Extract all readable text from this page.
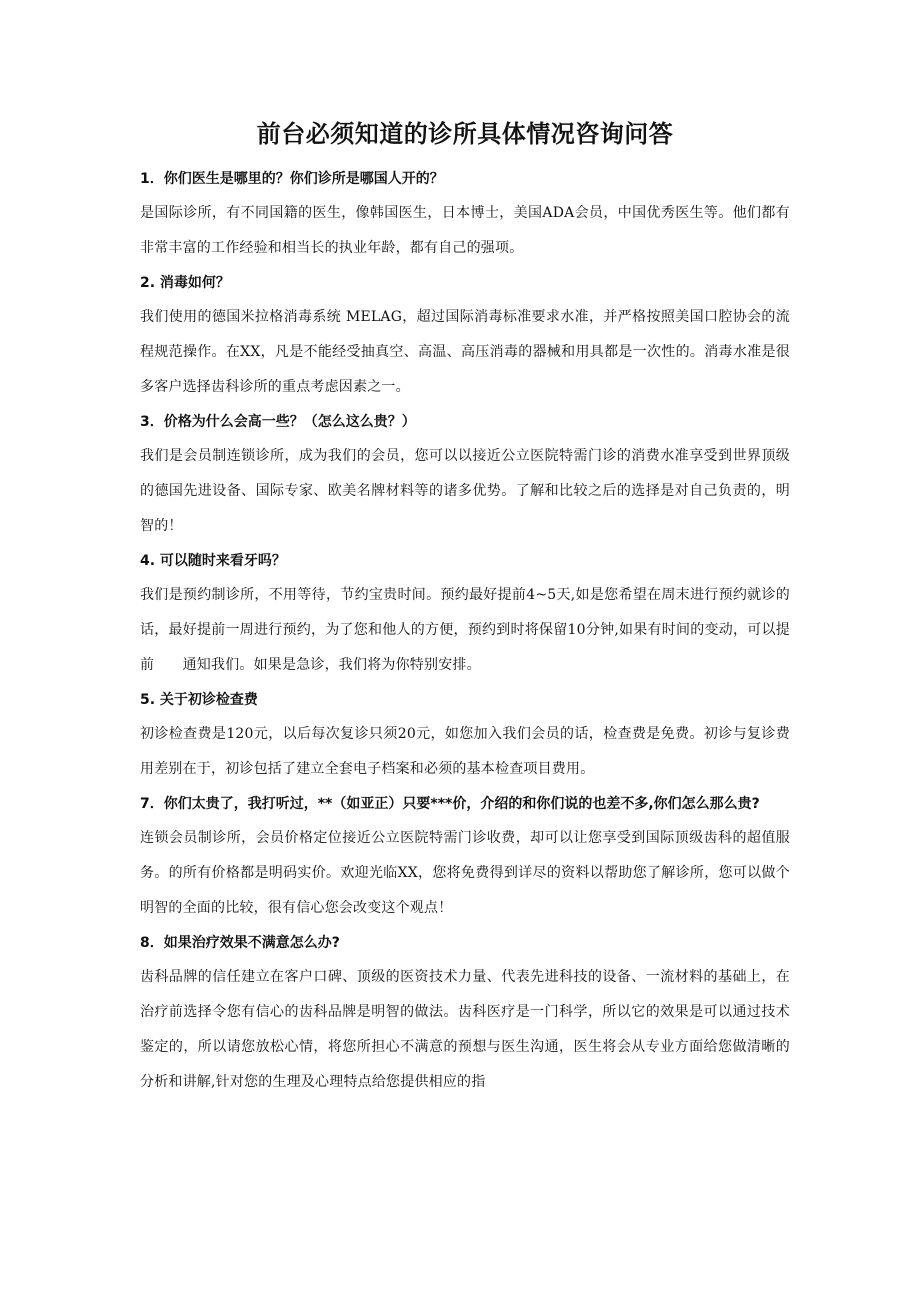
前台必须知道的诊所具体情况咨询问答

1．你们医生是哪里的？你们诊所是哪国人开的？

是国际诊所，有不同国籍的医生，像韩国医生，日本博士，美国ADA会员，中国优秀医生等。他们都有非常丰富的工作经验和相当长的执业年龄，都有自己的强项。

2. 消毒如何？

我们使用的德国米拉格消毒系统 MELAG，超过国际消毒标准要求水准，并严格按照美国口腔协会的流程规范操作。在XX，凡是不能经受抽真空、高温、高压消毒的器械和用具都是一次性的。消毒水准是很多客户选择齿科诊所的重点考虑因素之一。

3．价格为什么会高一些？（怎么这么贵？）

我们是会员制连锁诊所，成为我们的会员，您可以以接近公立医院特需门诊的消费水准享受到世界顶级的德国先进设备、国际专家、欧美名牌材料等的诸多优势。了解和比较之后的选择是对自己负责的，明智的！

4. 可以随时来看牙吗？

我们是预约制诊所，不用等待，节约宝贵时间。预约最好提前4~5天,如是您希望在周末进行预约就诊的话，最好提前一周进行预约，为了您和他人的方便，预约到时将保留10分钟,如果有时间的变动，可以提前　　通知我们。如果是急诊，我们将为你特别安排。

5. 关于初诊检查费

初诊检查费是120元，以后每次复诊只须20元，如您加入我们会员的话，检查费是免费。初诊与复诊费用差别在于，初诊包括了建立全套电子档案和必须的基本检查项目费用。

7．你们太贵了，我打听过，**（如亚正）只要***价，介绍的和你们说的也差不多,你们怎么那么贵?

连锁会员制诊所，会员价格定位接近公立医院特需门诊收费，却可以让您享受到国际顶级齿科的超值服务。的所有价格都是明码实价。欢迎光临XX，您将免费得到详尽的资料以帮助您了解诊所，您可以做个明智的全面的比较，很有信心您会改变这个观点！

8．如果治疗效果不满意怎么办?

齿科品牌的信任建立在客户口碑、顶级的医资技术力量、代表先进科技的设备、一流材料的基础上，在治疗前选择令您有信心的齿科品牌是明智的做法。齿科医疗是一门科学，所以它的效果是可以通过技术鉴定的，所以请您放松心情，将您所担心不满意的预想与医生沟通，医生将会从专业方面给您做清晰的分析和讲解,针对您的生理及心理特点给您提供相应的指
